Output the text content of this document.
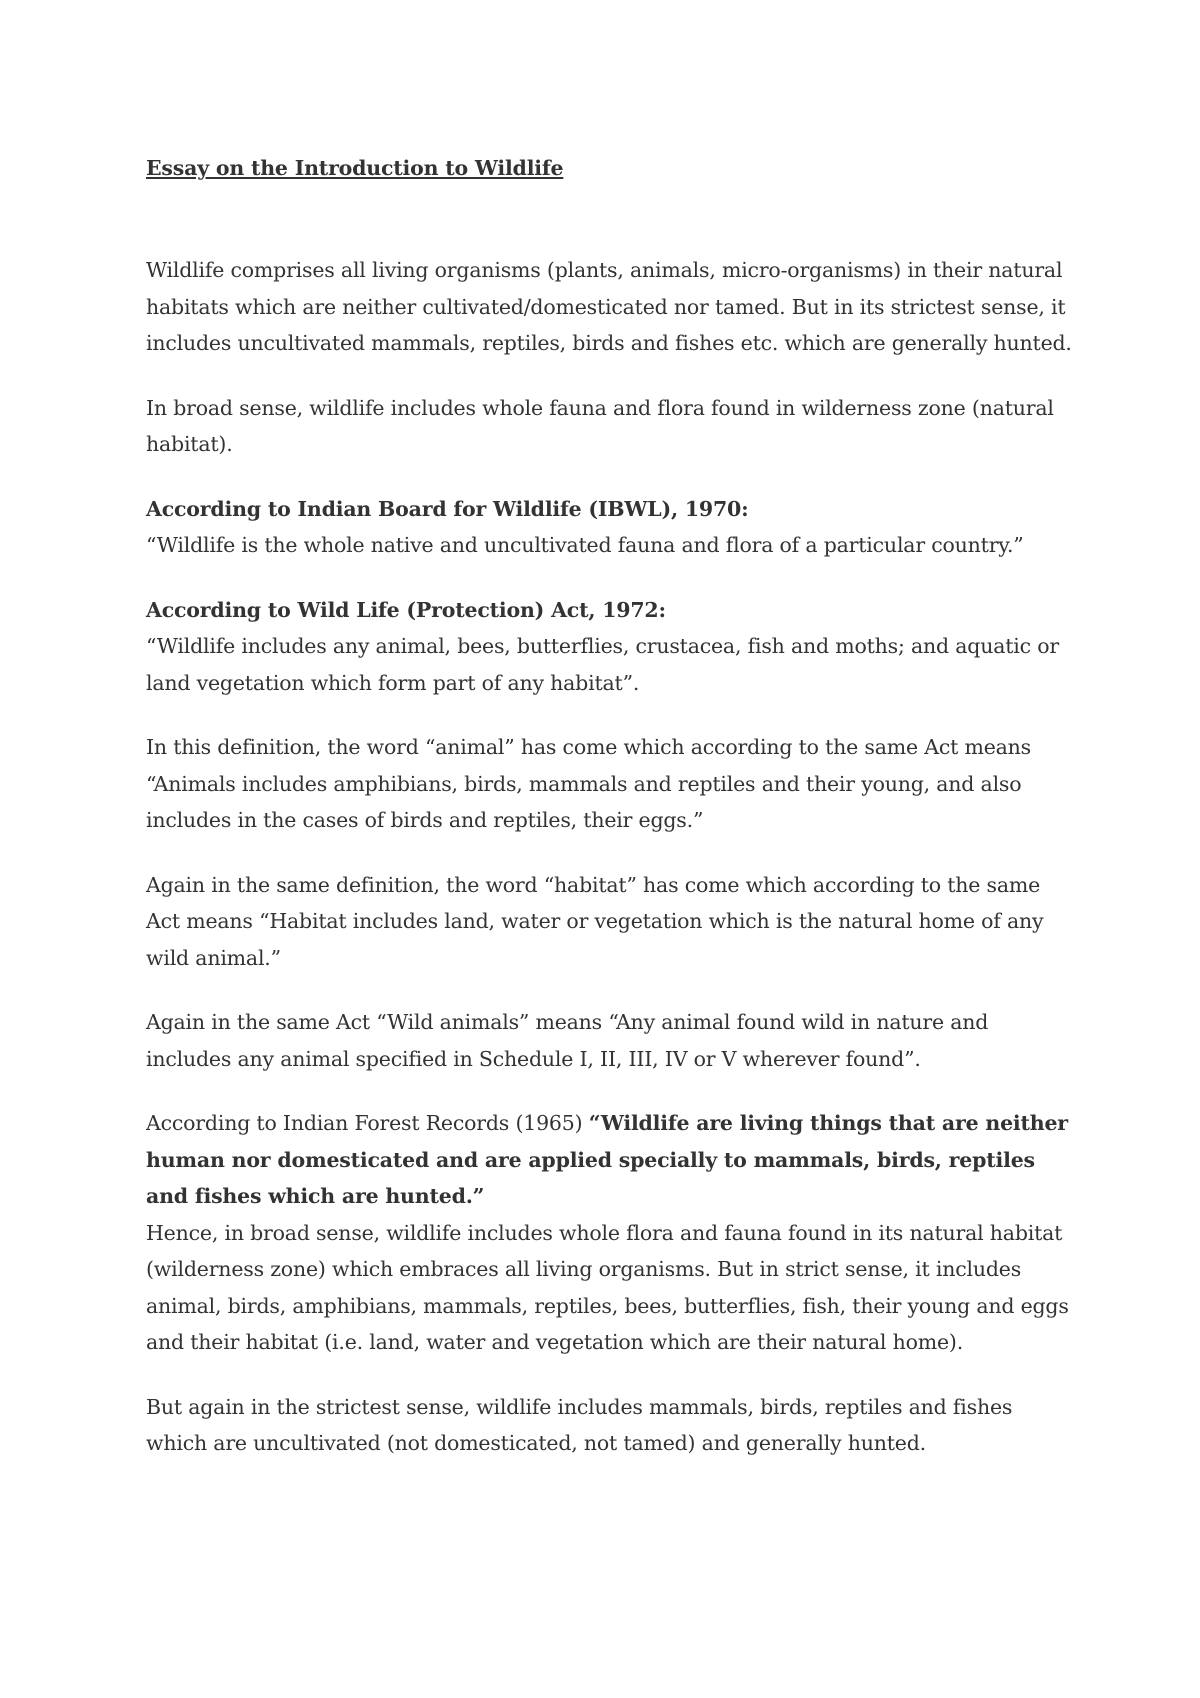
Essay on the Introduction to Wildlife

Wildlife comprises all living organisms (plants, animals, micro-organisms) in their natural habitats which are neither cultivated/domesticated nor tamed. But in its strictest sense, it includes uncultivated mammals, reptiles, birds and fishes etc. which are generally hunted.

In broad sense, wildlife includes whole fauna and flora found in wilderness zone (natural habitat).

According to Indian Board for Wildlife (IBWL), 1970:

“Wildlife is the whole native and uncultivated fauna and flora of a particular country.”

According to Wild Life (Protection) Act, 1972:

“Wildlife includes any animal, bees, butterflies, crustacea, fish and moths; and aquatic or land vegetation which form part of any habitat”.

In this definition, the word “animal” has come which according to the same Act means “Animals includes amphibians, birds, mammals and reptiles and their young, and also includes in the cases of birds and reptiles, their eggs.”

Again in the same definition, the word “habitat” has come which according to the same Act means “Habitat includes land, water or vegetation which is the natural home of any wild animal.”

Again in the same Act “Wild animals” means “Any animal found wild in nature and includes any animal specified in Schedule I, II, III, IV or V wherever found”.

According to Indian Forest Records (1965) “Wildlife are living things that are neither human nor domesticated and are applied specially to mammals, birds, reptiles and fishes which are hunted.”

Hence, in broad sense, wildlife includes whole flora and fauna found in its natural habitat (wilderness zone) which embraces all living organisms. But in strict sense, it includes animal, birds, amphibians, mammals, reptiles, bees, butterflies, fish, their young and eggs and their habitat (i.e. land, water and vegetation which are their natural home).

But again in the strictest sense, wildlife includes mammals, birds, reptiles and fishes which are uncultivated (not domesticated, not tamed) and generally hunted.
